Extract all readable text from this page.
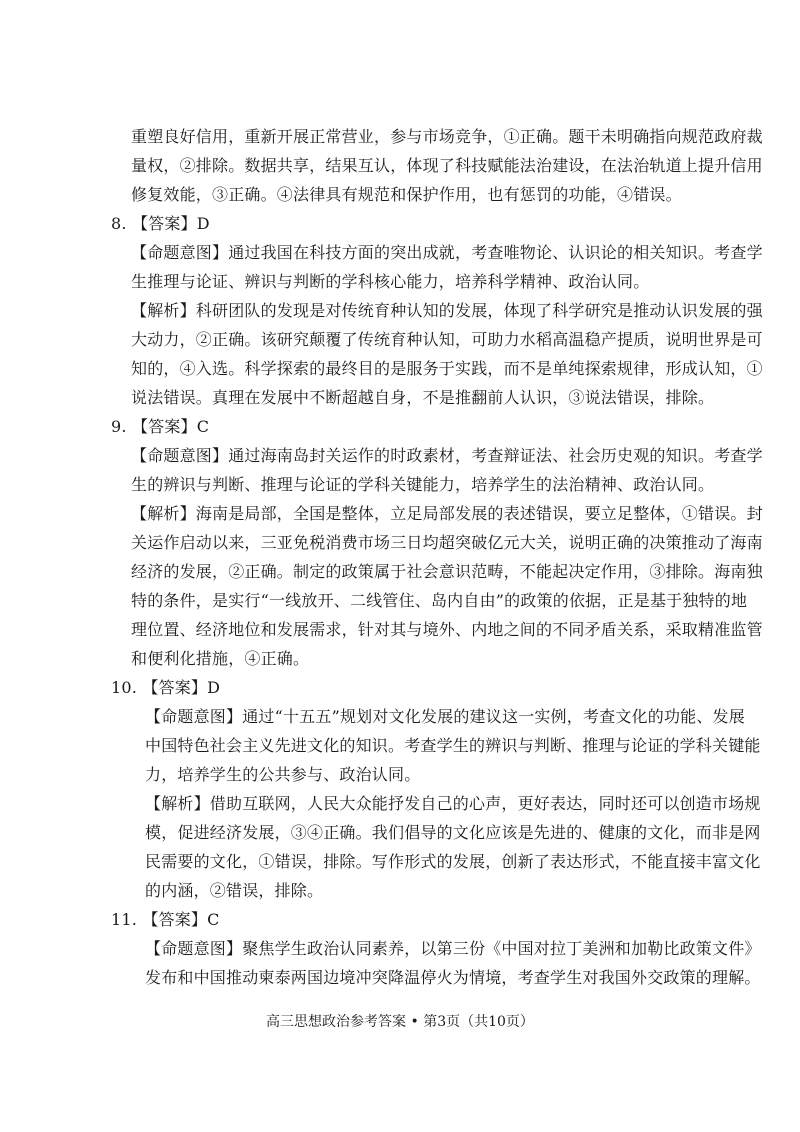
重塑良好信用，重新开展正常营业，参与市场竞争，①正确。题干未明确指向规范政府裁
量权，②排除。数据共享，结果互认，体现了科技赋能法治建设，在法治轨道上提升信用
修复效能，③正确。④法律具有规范和保护作用，也有惩罚的功能，④错误。
8. 【答案】D
【命题意图】通过我国在科技方面的突出成就，考查唯物论、认识论的相关知识。考查学
生推理与论证、辨识与判断的学科核心能力，培养科学精神、政治认同。
【解析】科研团队的发现是对传统育种认知的发展，体现了科学研究是推动认识发展的强
大动力，②正确。该研究颠覆了传统育种认知，可助力水稻高温稳产提质，说明世界是可
知的，④入选。科学探索的最终目的是服务于实践，而不是单纯探索规律，形成认知，①
说法错误。真理在发展中不断超越自身，不是推翻前人认识，③说法错误，排除。
9. 【答案】C
【命题意图】通过海南岛封关运作的时政素材，考查辩证法、社会历史观的知识。考查学
生的辨识与判断、推理与论证的学科关键能力，培养学生的法治精神、政治认同。
【解析】海南是局部，全国是整体，立足局部发展的表述错误，要立足整体，①错误。封
关运作启动以来，三亚免税消费市场三日均超突破亿元大关，说明正确的决策推动了海南
经济的发展，②正确。制定的政策属于社会意识范畴，不能起决定作用，③排除。海南独
特的条件，是实行“一线放开、二线管住、岛内自由”的政策的依据，正是基于独特的地
理位置、经济地位和发展需求，针对其与境外、内地之间的不同矛盾关系，采取精准监管
和便利化措施，④正确。
10. 【答案】D
【命题意图】通过“十五五”规划对文化发展的建议这一实例，考查文化的功能、发展
中国特色社会主义先进文化的知识。考查学生的辨识与判断、推理与论证的学科关键能
力，培养学生的公共参与、政治认同。
【解析】借助互联网，人民大众能抒发自己的心声，更好表达，同时还可以创造市场规
模，促进经济发展，③④正确。我们倡导的文化应该是先进的、健康的文化，而非是网
民需要的文化，①错误，排除。写作形式的发展，创新了表达形式，不能直接丰富文化
的内涵，②错误，排除。
11. 【答案】C
【命题意图】聚焦学生政治认同素养，以第三份《中国对拉丁美洲和加勒比政策文件》
发布和中国推动柬泰两国边境冲突降温停火为情境，考查学生对我国外交政策的理解。
高三思想政治参考答案 • 第3页（共10页）
